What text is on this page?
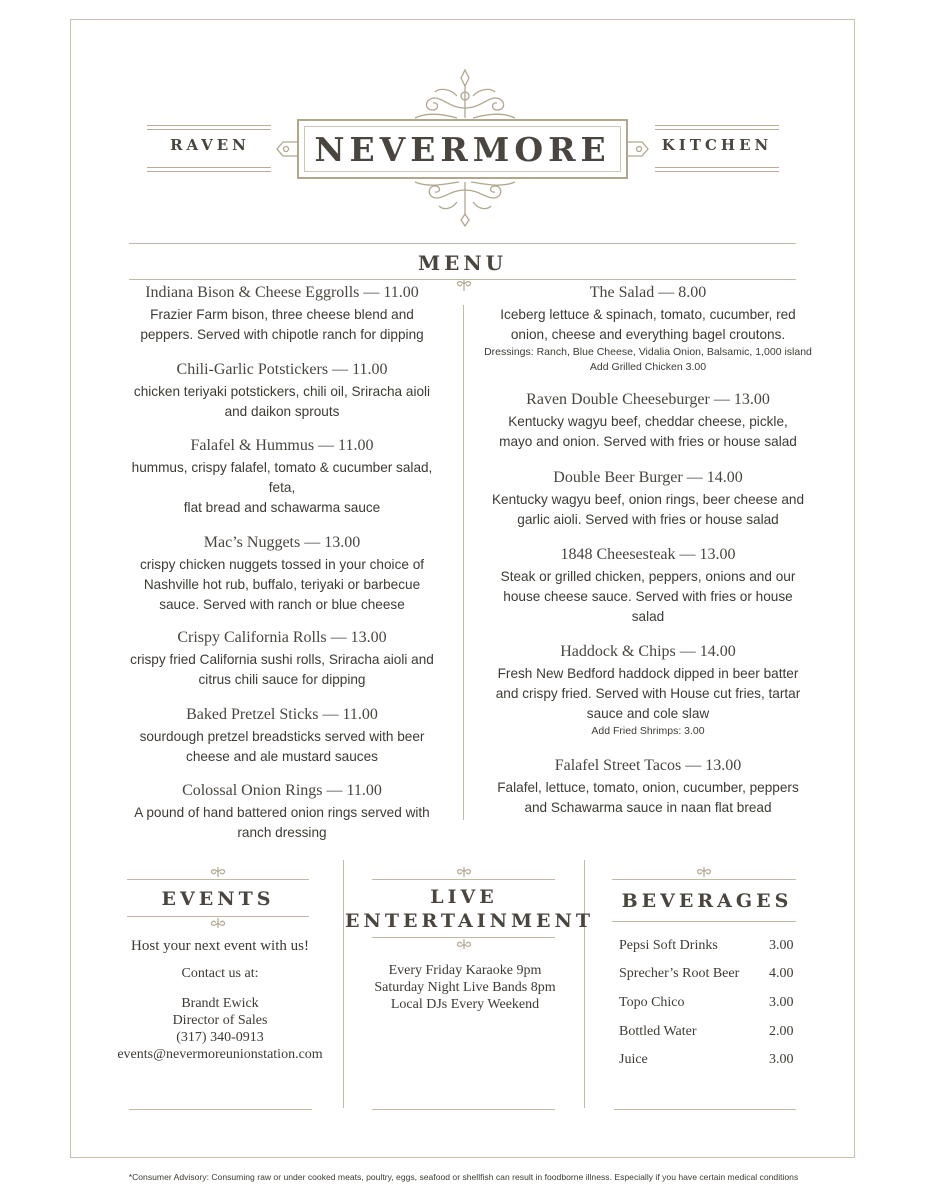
RAVEN	NEVERMORE	KITCHEN
MENU
Indiana Bison & Cheese Eggrolls — 11.00
Frazier Farm bison, three cheese blend and
peppers. Served with chipotle ranch for dipping
Chili-Garlic Potstickers — 11.00
chicken teriyaki potstickers, chili oil, Sriracha aioli
and daikon sprouts
Falafel & Hummus — 11.00
hummus, crispy falafel, tomato & cucumber salad,
feta,
flat bread and schawarma sauce
Mac’s Nuggets — 13.00
crispy chicken nuggets tossed in your choice of
Nashville hot rub, buffalo, teriyaki or barbecue
sauce. Served with ranch or blue cheese
Crispy California Rolls — 13.00
crispy fried California sushi rolls, Sriracha aioli and
citrus chili sauce for dipping
Baked Pretzel Sticks — 11.00
sourdough pretzel breadsticks served with beer
cheese and ale mustard sauces
Colossal Onion Rings — 11.00
A pound of hand battered onion rings served with
ranch dressing
The Salad — 8.00
Iceberg lettuce & spinach, tomato, cucumber, red
onion, cheese and everything bagel croutons.
Dressings: Ranch, Blue Cheese, Vidalia Onion, Balsamic, 1,000 island
Add Grilled Chicken 3.00
Raven Double Cheeseburger — 13.00
Kentucky wagyu beef, cheddar cheese, pickle,
mayo and onion. Served with fries or house salad
Double Beer Burger — 14.00
Kentucky wagyu beef, onion rings, beer cheese and
garlic aioli. Served with fries or house salad
1848 Cheesesteak — 13.00
Steak or grilled chicken, peppers, onions and our
house cheese sauce. Served with fries or house
salad
Haddock & Chips — 14.00
Fresh New Bedford haddock dipped in beer batter
and crispy fried. Served with House cut fries, tartar
sauce and cole slaw
Add Fried Shrimps: 3.00
Falafel Street Tacos — 13.00
Falafel, lettuce, tomato, onion, cucumber, peppers
and Schawarma sauce in naan flat bread
EVENTS
Host your next event with us!
Contact us at:
Brandt Ewick
Director of Sales
(317) 340-0913
events@nevermoreunionstation.com
LIVE
ENTERTAINMENT
Every Friday Karaoke 9pm
Saturday Night Live Bands 8pm
Local DJs Every Weekend
BEVERAGES
Pepsi Soft Drinks	3.00
Sprecher’s Root Beer 4.00
Topo Chico	3.00
Bottled Water	2.00
Juice	3.00
*Consumer Advisory: Consuming raw or under cooked meats, poultry, eggs, seafood or shellfish can result in foodborne illness. Especially if you have certain medical conditions
